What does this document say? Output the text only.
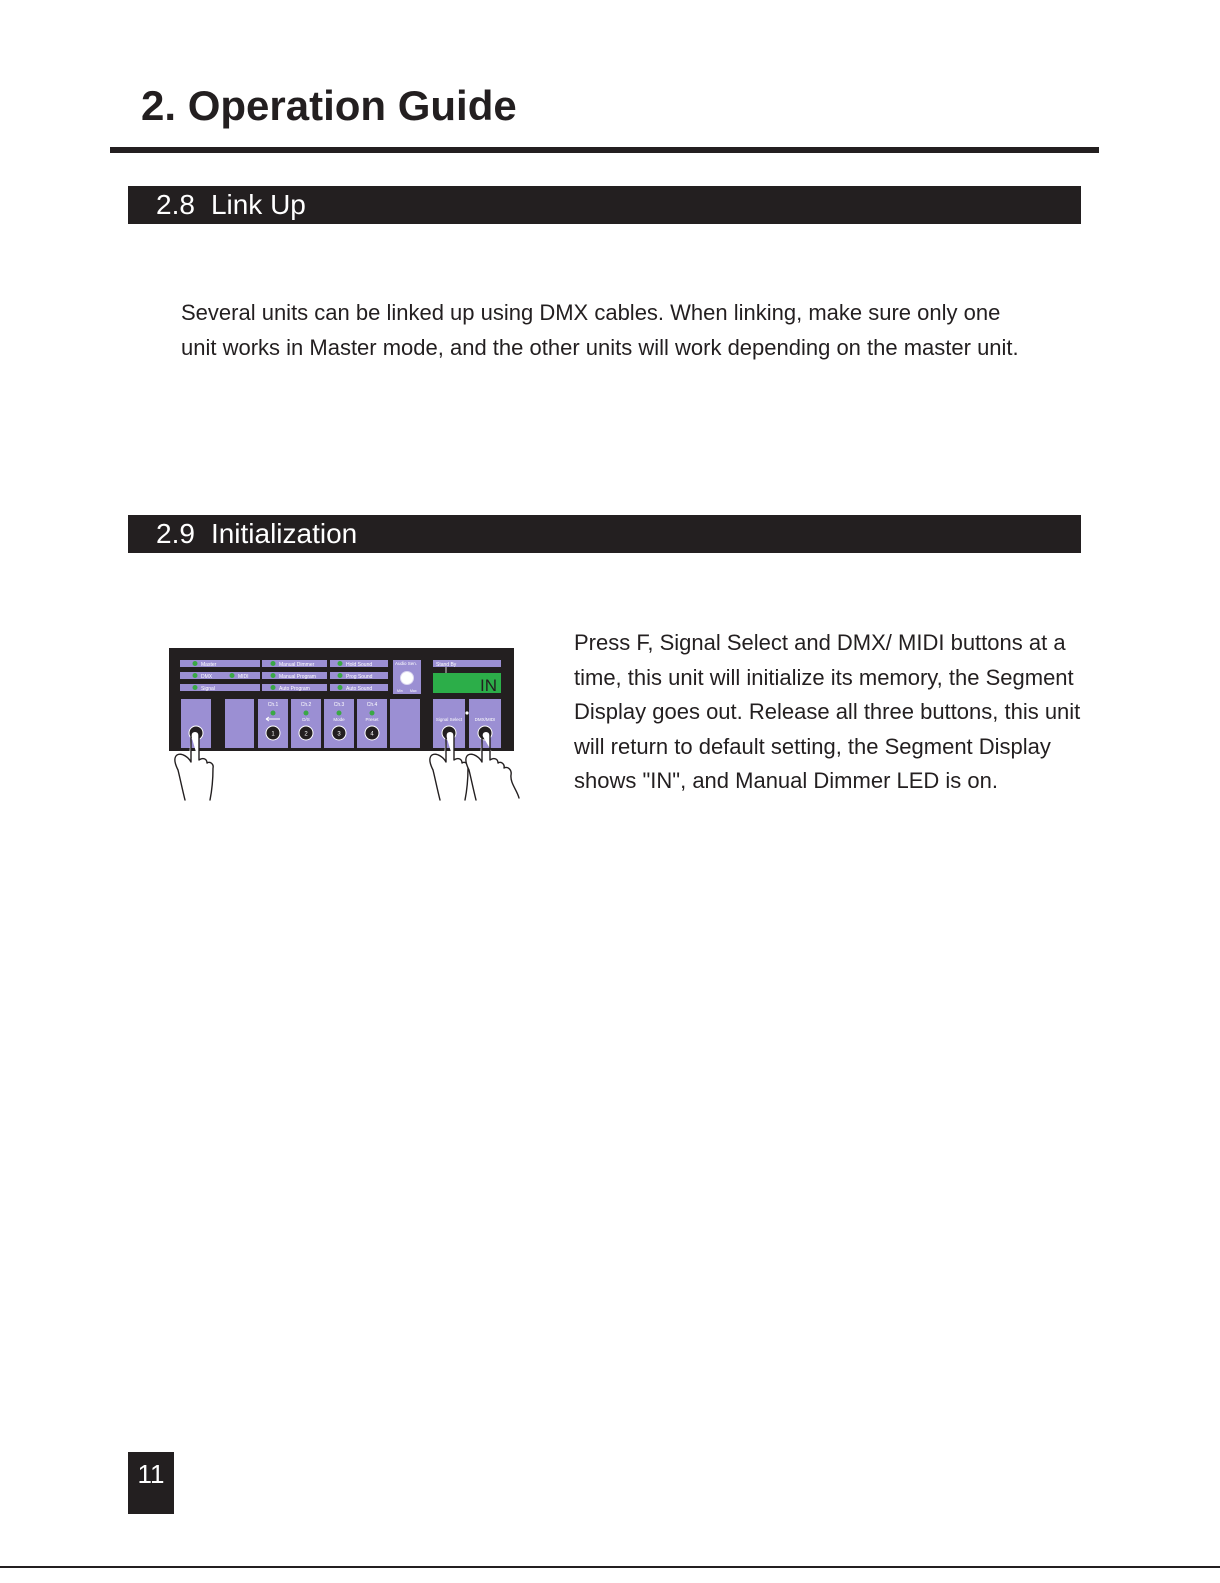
2. Operation Guide
2.8 Link Up

Several units can be linked up using DMX cables. When linking, make sure only one unit works in Master mode, and the other units will work depending on the master unit.

2.9 Initialization

Press F, Signal Select and DMX/ MIDI buttons at a time, this unit will initialize its memory, the Segment Display goes out. Release all three buttons, this unit will return to default setting, the Segment Display shows "IN", and Manual Dimmer LED is on.

Master	Manual Dimmer	Hold Sound
DMX	MIDI	Manual Program	Prog Sound
Signal	Auto Program	Auto Sound
Audio Sen.
Min Max
Stand By
IN
Ch.1
1
Ch.2
D/S
2
Ch.3
Mode
3
Ch.4
Preset
4
Signal Select	DMX/MIDI
11
